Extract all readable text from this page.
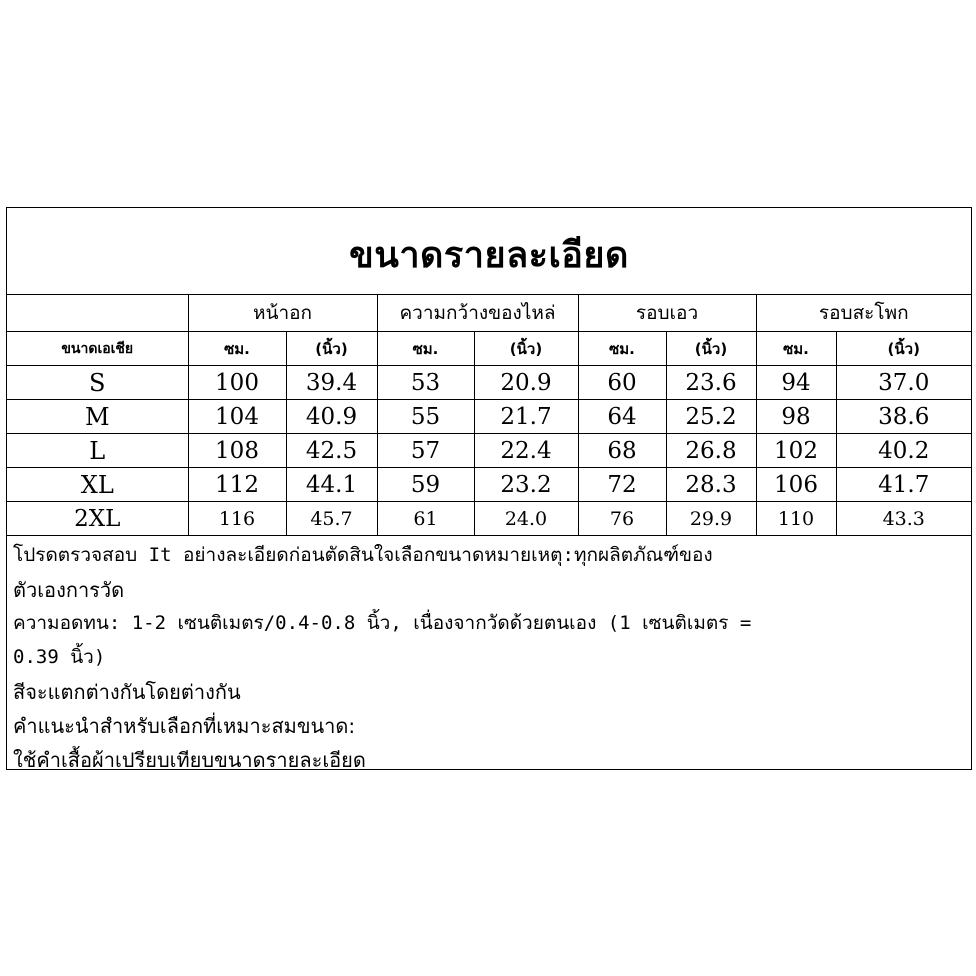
ขนาดรายละเอียด
	หน้าอก		ความกว้างของไหล่		รอบเอว		รอบสะโพก	
ขนาดเอเชีย	ซม.	(นิ้ว)	ซม.	(นิ้ว)	ซม.	(นิ้ว)	ซม.	(นิ้ว)
S	100	39.4	53	20.9	60	23.6	94	37.0
M	104	40.9	55	21.7	64	25.2	98	38.6
L	108	42.5	57	22.4	68	26.8	102	40.2
XL	112	44.1	59	23.2	72	28.3	106	41.7
2XL	116	45.7	61	24.0	76	29.9	110	43.3
โปรดตรวจสอบ It อย่างละเอียดก่อนตัดสินใจเลือกขนาดหมายเหตุ:ทุกผลิตภัณฑ์ของ
ตัวเองการวัด
ความอดทน: 1-2 เซนติเมตร/0.4-0.8 นิ้ว, เนื่องจากวัดด้วยตนเอง (1 เซนติเมตร =
0.39 นิ้ว)
สีจะแตกต่างกันโดยต่างกัน
คำแนะนำสำหรับเลือกที่เหมาะสมขนาด:
ใช้คำเสื้อผ้าเปรียบเทียบขนาดรายละเอียด
